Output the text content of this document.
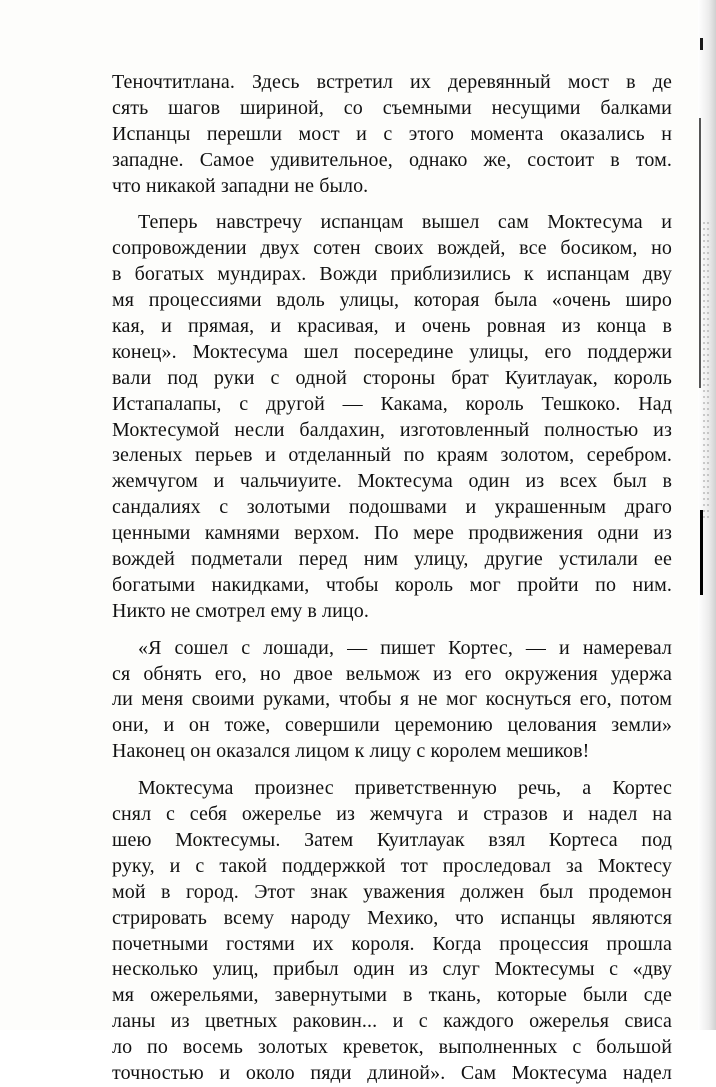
Теночтитлана. Здесь встретил их деревянный мост в де
сять шагов шириной, со съемными несущими балками
Испанцы перешли мост и с этого момента оказались н
западне. Самое удивительное, однако же, состоит в том.
что никакой западни не было.
Теперь навстречу испанцам вышел сам Моктесума и
сопровождении двух сотен своих вождей, все босиком, но
в богатых мундирах. Вожди приблизились к испанцам дву
мя процессиями вдоль улицы, которая была «очень широ
кая, и прямая, и красивая, и очень ровная из конца в
конец». Моктесума шел посередине улицы, его поддержи
вали под руки с одной стороны брат Куитлауак, король
Истапалапы, с другой — Какама, король Тешкоко. Над
Моктесумой несли балдахин, изготовленный полностью из
зеленых перьев и отделанный по краям золотом, серебром.
жемчугом и чальчиуите. Моктесума один из всех был в
сандалиях с золотыми подошвами и украшенным драго
ценными камнями верхом. По мере продвижения одни из
вождей подметали перед ним улицу, другие устилали ее
богатыми накидками, чтобы король мог пройти по ним.
Никто не смотрел ему в лицо.
«Я сошел с лошади, — пишет Кортес, — и намеревал
ся обнять его, но двое вельмож из его окружения удержа
ли меня своими руками, чтобы я не мог коснуться его, потом
они, и он тоже, совершили церемонию целования земли»
Наконец он оказался лицом к лицу с королем мешиков!
Моктесума произнес приветственную речь, а Кортес
снял с себя ожерелье из жемчуга и стразов и надел на
шею Моктесумы. Затем Куитлауак взял Кортеса под
руку, и с такой поддержкой тот проследовал за Моктесу
мой в город. Этот знак уважения должен был продемон
стрировать всему народу Мехико, что испанцы являются
почетными гостями их короля. Когда процессия прошла
несколько улиц, прибыл один из слуг Моктесумы с «дву
мя ожерельями, завернутыми в ткань, которые были сде
ланы из цветных раковин... и с каждого ожерелья свиса
ло по восемь золотых креветок, выполненных с большой
точностью и около пяди длиной». Сам Моктесума надел
